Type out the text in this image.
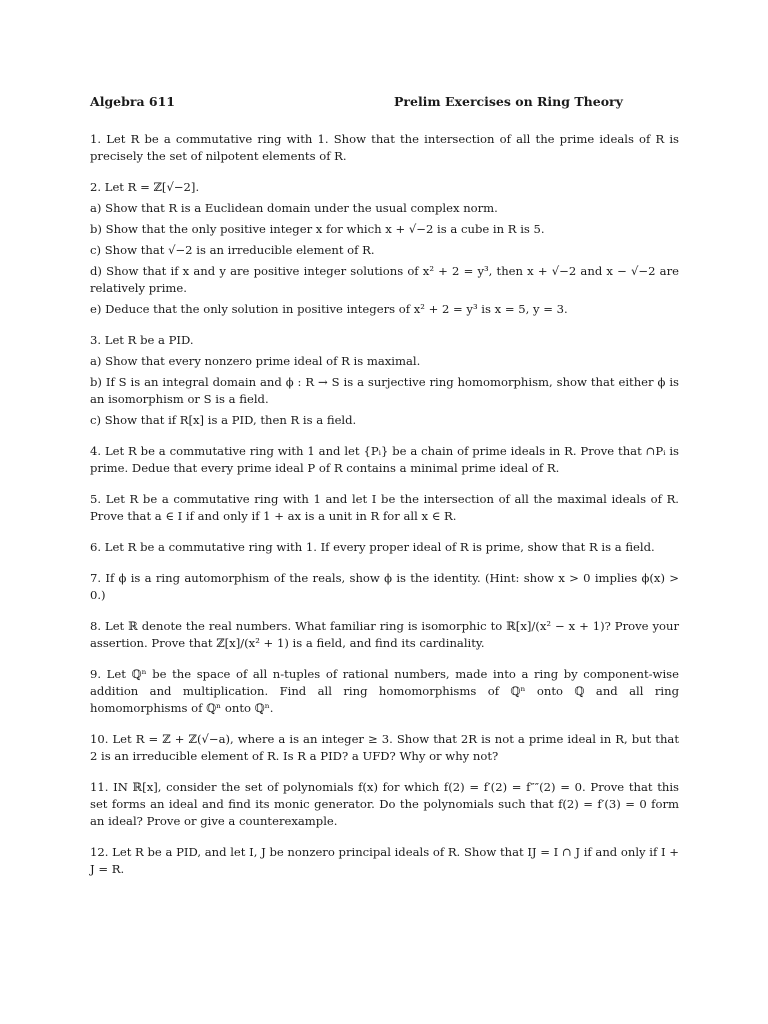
Algebra 611	Prelim Exercises on Ring Theory

1. Let R be a commutative ring with 1. Show that the intersection of all the prime ideals of R is precisely the set of nilpotent elements of R.

2. Let R = ℤ[√−2].

a) Show that R is a Euclidean domain under the usual complex norm.

b) Show that the only positive integer x for which x + √−2 is a cube in R is 5.

c) Show that √−2 is an irreducible element of R.

d) Show that if x and y are positive integer solutions of x² + 2 = y³, then x + √−2 and x − √−2 are relatively prime.

e) Deduce that the only solution in positive integers of x² + 2 = y³ is x = 5, y = 3.

3. Let R be a PID.

a) Show that every nonzero prime ideal of R is maximal.

b) If S is an integral domain and ϕ : R → S is a surjective ring homomorphism, show that either ϕ is an isomorphism or S is a field.

c) Show that if R[x] is a PID, then R is a field.

4. Let R be a commutative ring with 1 and let {Pᵢ} be a chain of prime ideals in R. Prove that ∩Pᵢ is prime. Dedue that every prime ideal P of R contains a minimal prime ideal of R.

5. Let R be a commutative ring with 1 and let I be the intersection of all the maximal ideals of R. Prove that a ∈ I if and only if 1 + ax is a unit in R for all x ∈ R.

6. Let R be a commutative ring with 1. If every proper ideal of R is prime, show that R is a field.

7. If ϕ is a ring automorphism of the reals, show ϕ is the identity. (Hint: show x > 0 implies ϕ(x) > 0.)

8. Let ℝ denote the real numbers. What familiar ring is isomorphic to ℝ[x]/(x² − x + 1)? Prove your assertion. Prove that ℤ[x]/(x² + 1) is a field, and find its cardinality.

9. Let ℚⁿ be the space of all n-tuples of rational numbers, made into a ring by component-wise addition and multiplication. Find all ring homomorphisms of ℚⁿ onto ℚ and all ring homomorphisms of ℚⁿ onto ℚⁿ.

10. Let R = ℤ + ℤ(√−a), where a is an integer ≥ 3. Show that 2R is not a prime ideal in R, but that 2 is an irreducible element of R. Is R a PID? a UFD? Why or why not?

11. IN ℝ[x], consider the set of polynomials f(x) for which f(2) = f′(2) = f″″(2) = 0. Prove that this set forms an ideal and find its monic generator. Do the polynomials such that f(2) = f′(3) = 0 form an ideal? Prove or give a counterexample.

12. Let R be a PID, and let I, J be nonzero principal ideals of R. Show that IJ = I ∩ J if and only if I + J = R.
